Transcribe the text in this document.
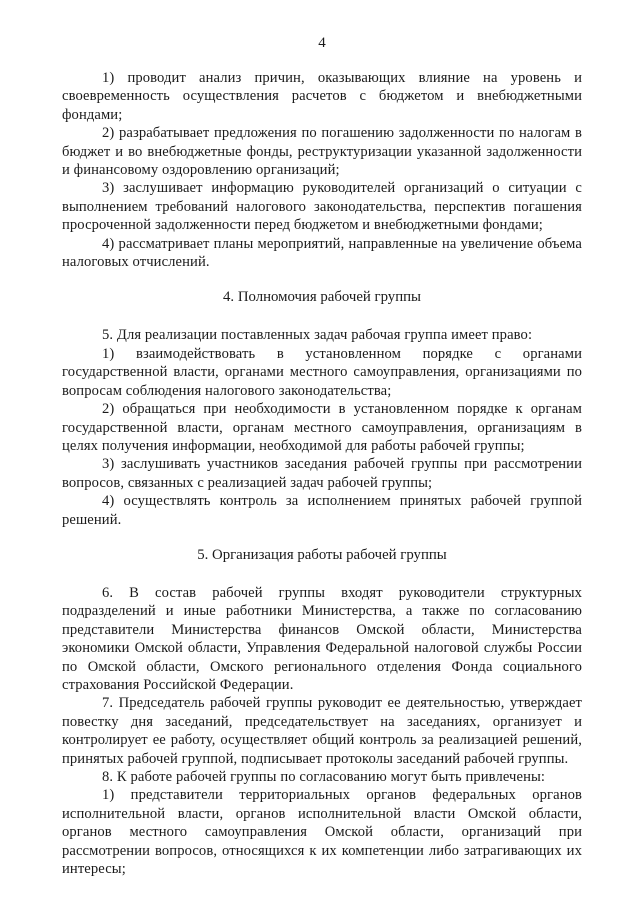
4

1) проводит анализ причин, оказывающих влияние на уровень и своевременность осуществления расчетов с бюджетом и внебюджетными фондами;

2) разрабатывает предложения по погашению задолженности по налогам в бюджет и во внебюджетные фонды, реструктуризации указанной задолженности и финансовому оздоровлению организаций;

3) заслушивает информацию руководителей организаций о ситуации с выполнением требований налогового законодательства, перспектив погашения просроченной задолженности перед бюджетом и внебюджетными фондами;

4) рассматривает планы мероприятий, направленные на увеличение объема налоговых отчислений.

4. Полномочия рабочей группы

5. Для реализации поставленных задач рабочая группа имеет право:

1) взаимодействовать в установленном порядке с органами государственной власти, органами местного самоуправления, организациями по вопросам соблюдения налогового законодательства;

2) обращаться при необходимости в установленном порядке к органам государственной власти, органам местного самоуправления, организациям в целях получения информации, необходимой для работы рабочей группы;

3) заслушивать участников заседания рабочей группы при рассмотрении вопросов, связанных с реализацией задач рабочей группы;

4) осуществлять контроль за исполнением принятых рабочей группой решений.

5. Организация работы рабочей группы

6. В состав рабочей группы входят руководители структурных подразделений и иные работники Министерства, а также по согласованию представители Министерства финансов Омской области, Министерства экономики Омской области, Управления Федеральной налоговой службы России по Омской области, Омского регионального отделения Фонда социального страхования Российской Федерации.

7. Председатель рабочей группы руководит ее деятельностью, утверждает повестку дня заседаний, председательствует на заседаниях, организует и контролирует ее работу, осуществляет общий контроль за реализацией решений, принятых рабочей группой, подписывает протоколы заседаний рабочей группы.

8. К работе рабочей группы по согласованию могут быть привлечены:

1) представители территориальных органов федеральных органов исполнительной власти, органов исполнительной власти Омской области, органов местного самоуправления Омской области, организаций при рассмотрении вопросов, относящихся к их компетенции либо затрагивающих их интересы;
